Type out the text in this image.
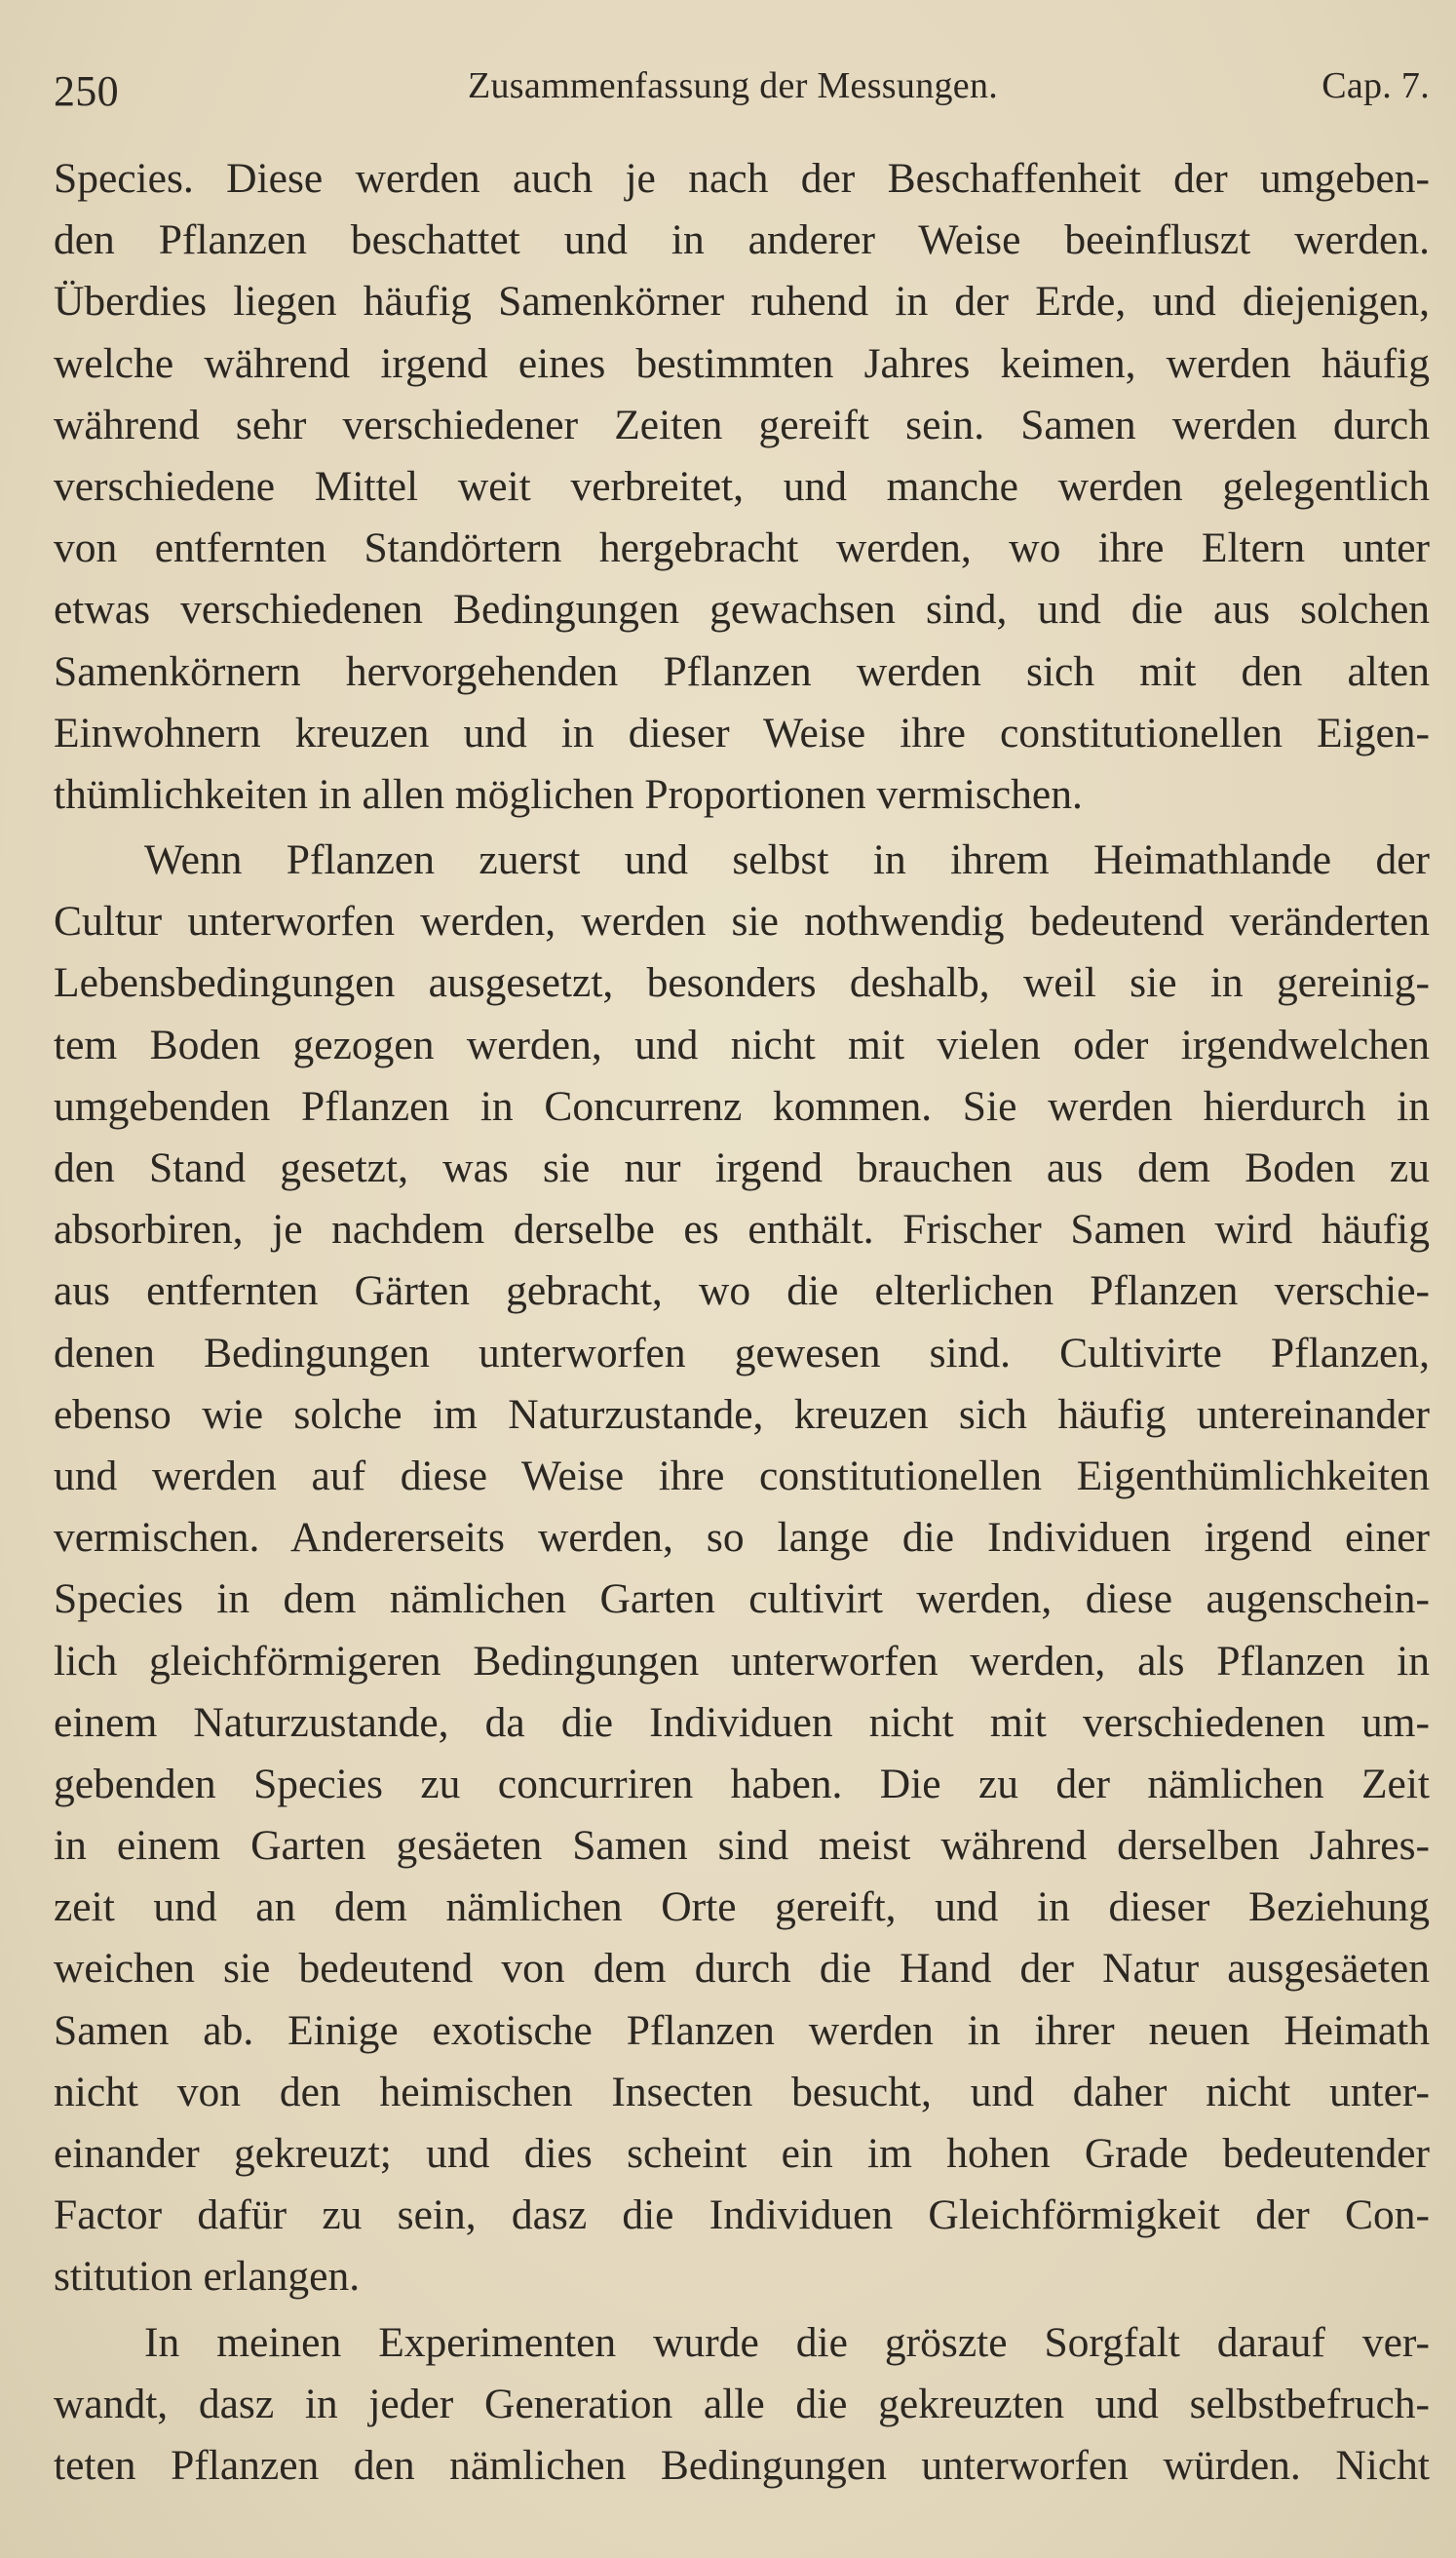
250	Zusammenfassung der Messungen.	Cap. 7.
Species. Diese werden auch je nach der Beschaffenheit der umgeben-
den Pflanzen beschattet und in anderer Weise beeinfluszt werden.
Überdies liegen häufig Samenkörner ruhend in der Erde, und diejenigen,
welche während irgend eines bestimmten Jahres keimen, werden häufig
während sehr verschiedener Zeiten gereift sein. Samen werden durch
verschiedene Mittel weit verbreitet, und manche werden gelegentlich
von entfernten Standörtern hergebracht werden, wo ihre Eltern unter
etwas verschiedenen Bedingungen gewachsen sind, und die aus solchen
Samenkörnern hervorgehenden Pflanzen werden sich mit den alten
Einwohnern kreuzen und in dieser Weise ihre constitutionellen Eigen-
thümlichkeiten in allen möglichen Proportionen vermischen.
Wenn Pflanzen zuerst und selbst in ihrem Heimathlande der
Cultur unterworfen werden, werden sie nothwendig bedeutend veränderten
Lebensbedingungen ausgesetzt, besonders deshalb, weil sie in gereinig-
tem Boden gezogen werden, und nicht mit vielen oder irgendwelchen
umgebenden Pflanzen in Concurrenz kommen. Sie werden hierdurch in
den Stand gesetzt, was sie nur irgend brauchen aus dem Boden zu
absorbiren, je nachdem derselbe es enthält. Frischer Samen wird häufig
aus entfernten Gärten gebracht, wo die elterlichen Pflanzen verschie-
denen Bedingungen unterworfen gewesen sind. Cultivirte Pflanzen,
ebenso wie solche im Naturzustande, kreuzen sich häufig untereinander
und werden auf diese Weise ihre constitutionellen Eigenthümlichkeiten
vermischen. Andererseits werden, so lange die Individuen irgend einer
Species in dem nämlichen Garten cultivirt werden, diese augenschein-
lich gleichförmigeren Bedingungen unterworfen werden, als Pflanzen in
einem Naturzustande, da die Individuen nicht mit verschiedenen um-
gebenden Species zu concurriren haben. Die zu der nämlichen Zeit
in einem Garten gesäeten Samen sind meist während derselben Jahres-
zeit und an dem nämlichen Orte gereift, und in dieser Beziehung
weichen sie bedeutend von dem durch die Hand der Natur ausgesäeten
Samen ab. Einige exotische Pflanzen werden in ihrer neuen Heimath
nicht von den heimischen Insecten besucht, und daher nicht unter-
einander gekreuzt; und dies scheint ein im hohen Grade bedeutender
Factor dafür zu sein, dasz die Individuen Gleichförmigkeit der Con-
stitution erlangen.
In meinen Experimenten wurde die gröszte Sorgfalt darauf ver-
wandt, dasz in jeder Generation alle die gekreuzten und selbstbefruch-
teten Pflanzen den nämlichen Bedingungen unterworfen würden. Nicht
